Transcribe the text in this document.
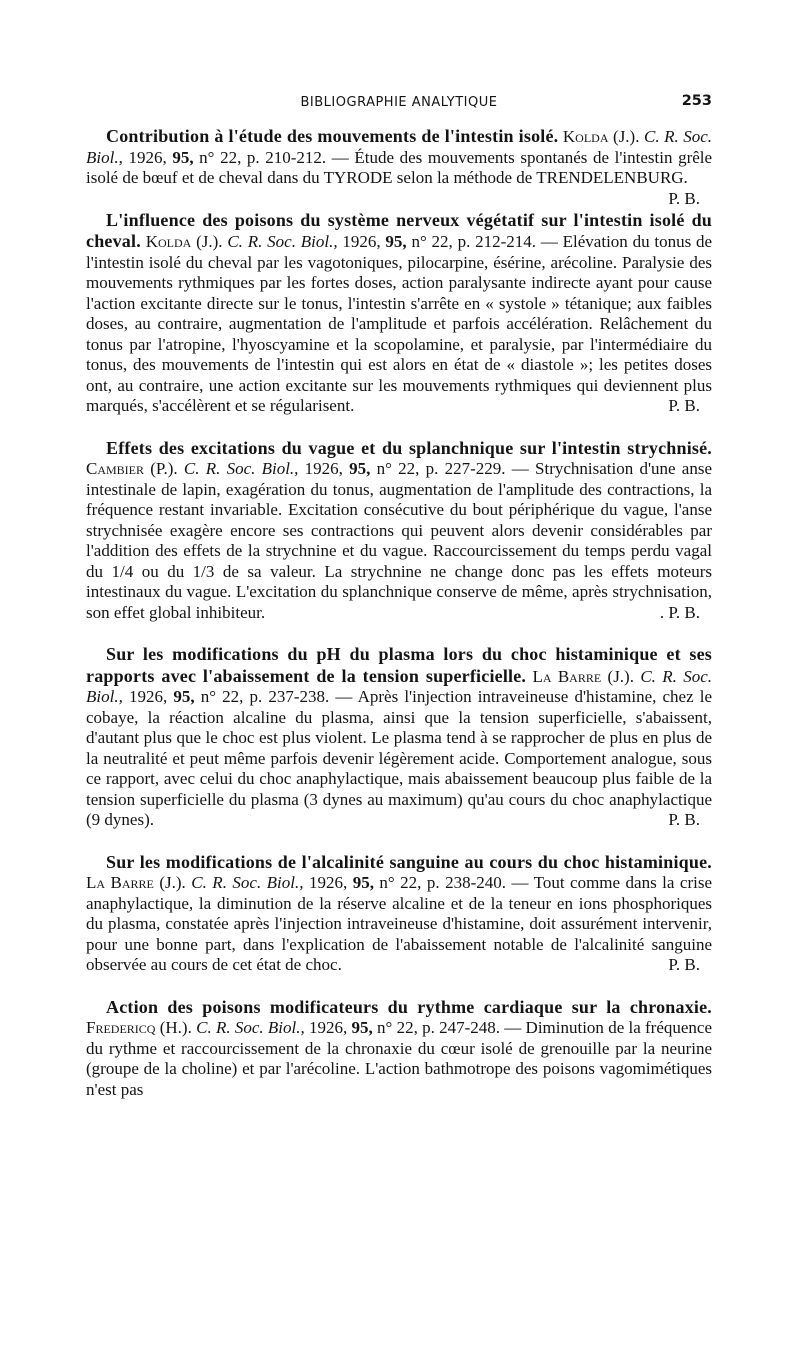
BIBLIOGRAPHIE ANALYTIQUE	253

Contribution à l'étude des mouvements de l'intestin isolé. Kolda (J.). C. R. Soc. Biol., 1926, 95, n° 22, p. 210-212. — Étude des mouvements spontanés de l'intestin grêle isolé de bœuf et de cheval dans du TYRODE selon la méthode de TRENDELENBURG.
P. B.

L'influence des poisons du système nerveux végétatif sur l'intestin isolé du cheval. Kolda (J.). C. R. Soc. Biol., 1926, 95, n° 22, p. 212-214. — Elévation du tonus de l'intestin isolé du cheval par les vagotoniques, pilocarpine, ésérine, arécoline. Paralysie des mouvements rythmiques par les fortes doses, action paralysante indirecte ayant pour cause l'action excitante directe sur le tonus, l'intestin s'arrête en « systole » tétanique; aux faibles doses, au contraire, augmentation de l'amplitude et parfois accélération. Relâchement du tonus par l'atropine, l'hyoscyamine et la scopolamine, et paralysie, par l'intermédiaire du tonus, des mouvements de l'intestin qui est alors en état de « diastole »; les petites doses ont, au contraire, une action excitante sur les mouvements rythmiques qui deviennent plus marqués, s'accélèrent et se régularisent.	P. B.

Effets des excitations du vague et du splanchnique sur l'intestin strychnisé. Cambier (P.). C. R. Soc. Biol., 1926, 95, n° 22, p. 227-229. — Strychnisation d'une anse intestinale de lapin, exagération du tonus, augmentation de l'amplitude des contractions, la fréquence restant invariable. Excitation consécutive du bout périphérique du vague, l'anse strychnisée exagère encore ses contractions qui peuvent alors devenir considérables par l'addition des effets de la strychnine et du vague. Raccourcissement du temps perdu vagal du 1/4 ou du 1/3 de sa valeur. La strychnine ne change donc pas les effets moteurs intestinaux du vague. L'excitation du splanchnique conserve de même, après strychnisation, son effet global inhibiteur.	. P. B.

Sur les modifications du pH du plasma lors du choc histaminique et ses rapports avec l'abaissement de la tension superficielle. La Barre (J.). C. R. Soc. Biol., 1926, 95, n° 22, p. 237-238. — Après l'injection intraveineuse d'histamine, chez le cobaye, la réaction alcaline du plasma, ainsi que la tension superficielle, s'abaissent, d'autant plus que le choc est plus violent. Le plasma tend à se rapprocher de plus en plus de la neutralité et peut même parfois devenir légèrement acide. Comportement analogue, sous ce rapport, avec celui du choc anaphylactique, mais abaissement beaucoup plus faible de la tension superficielle du plasma (3 dynes au maximum) qu'au cours du choc anaphylactique (9 dynes).	P. B.

Sur les modifications de l'alcalinité sanguine au cours du choc histaminique. La Barre (J.). C. R. Soc. Biol., 1926, 95, n° 22, p. 238-240. — Tout comme dans la crise anaphylactique, la diminution de la réserve alcaline et de la teneur en ions phosphoriques du plasma, constatée après l'injection intraveineuse d'histamine, doit assurément intervenir, pour une bonne part, dans l'explication de l'abaissement notable de l'alcalinité sanguine observée au cours de cet état de choc.	P. B.

Action des poisons modificateurs du rythme cardiaque sur la chronaxie. Fredericq (H.). C. R. Soc. Biol., 1926, 95, n° 22, p. 247-248. — Diminution de la fréquence du rythme et raccourcissement de la chronaxie du cœur isolé de grenouille par la neurine (groupe de la choline) et par l'arécoline. L'action bathmotrope des poisons vagomimétiques n'est pas
